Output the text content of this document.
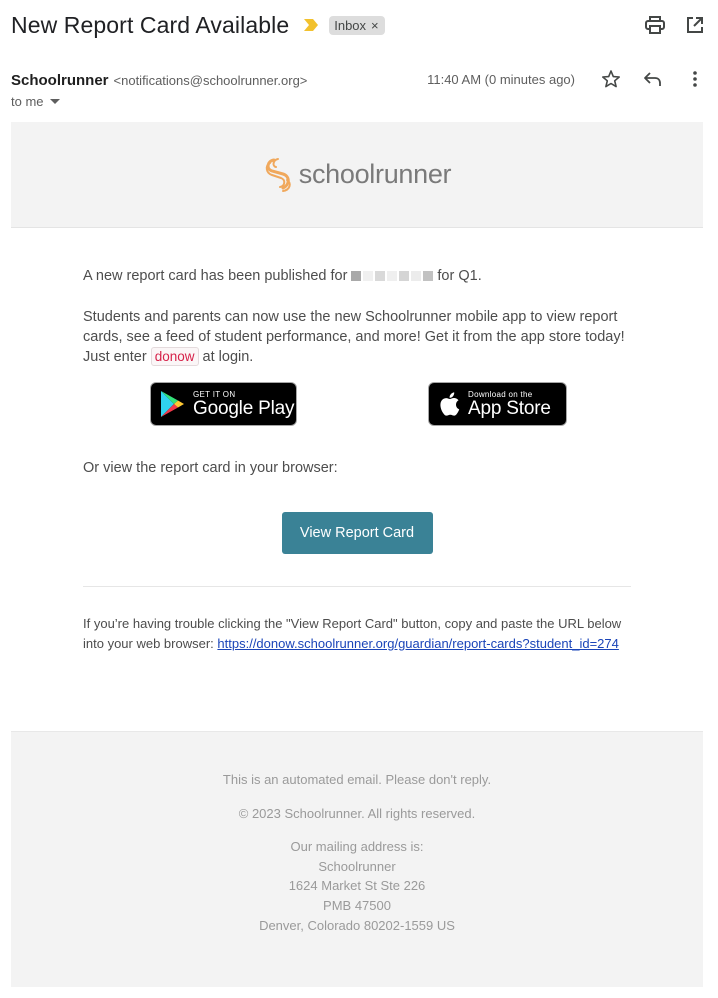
New Report Card Available	Inbox ×
Schoolrunner <notifications@schoolrunner.org>	11:40 AM (0 minutes ago)
to me
schoolrunner
A new report card has been published for	for Q1.

Students and parents can now use the new Schoolrunner mobile app to view report cards, see a feed of student performance, and more! Get it from the app store today! Just enter donow at login.

GET IT ON
Google Play
Download on the
App Store

Or view the report card in your browser:

View Report Card

If you’re having trouble clicking the "View Report Card" button, copy and paste the URL below into your web browser: https://donow.schoolrunner.org/guardian/report-cards?student_id=274

This is an automated email. Please don't reply.

© 2023 Schoolrunner. All rights reserved.

Our mailing address is:

Schoolrunner

1624 Market St Ste 226

PMB 47500

Denver, Colorado 80202-1559 US
